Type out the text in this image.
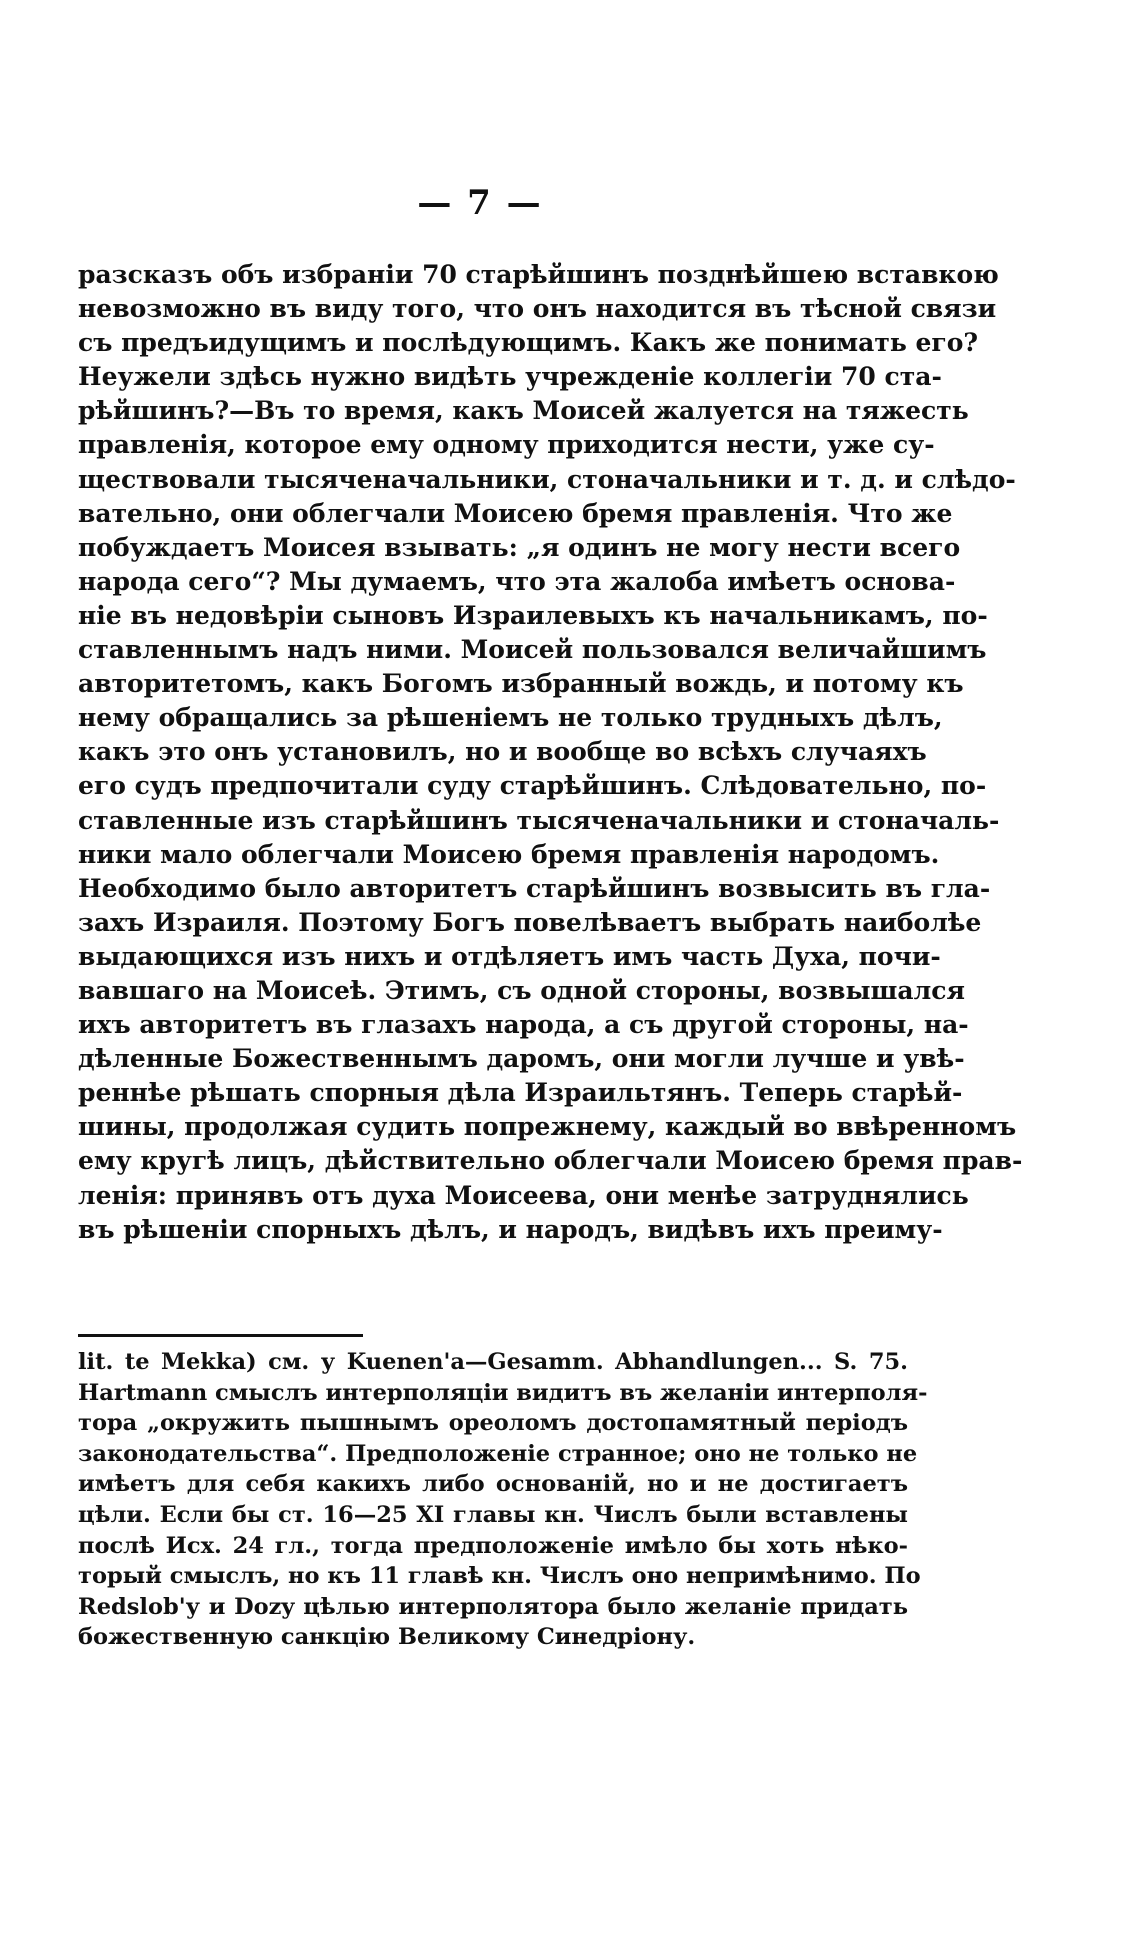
— 7 —
разсказъ объ избраніи 70 старѣйшинъ позднѣйшею вставкою
невозможно въ виду того, что онъ находится въ тѣсной связи
съ предъидущимъ и послѣдующимъ. Какъ же понимать его?
Неужели здѣсь нужно видѣть учрежденіе коллегіи 70 ста-
рѣйшинъ?—Въ то время, какъ Моисей жалуется на тяжесть
правленія, которое ему одному приходится нести, уже су-
ществовали тысяченачальники, стоначальники и т. д. и слѣдо-
вательно, они облегчали Моисею бремя правленія. Что же
побуждаетъ Моисея взывать: „я одинъ не могу нести всего
народа сего“? Мы думаемъ, что эта жалоба имѣетъ основа-
ніе въ недовѣріи сыновъ Израилевыхъ къ начальникамъ, по-
ставленнымъ надъ ними. Моисей пользовался величайшимъ
авторитетомъ, какъ Богомъ избранный вождь, и потому къ
нему обращались за рѣшеніемъ не только трудныхъ дѣлъ,
какъ это онъ установилъ, но и вообще во всѣхъ случаяхъ
его судъ предпочитали суду старѣйшинъ. Слѣдовательно, по-
ставленные изъ старѣйшинъ тысяченачальники и стоначаль-
ники мало облегчали Моисею бремя правленія народомъ.
Необходимо было авторитетъ старѣйшинъ возвысить въ гла-
захъ Израиля. Поэтому Богъ повелѣваетъ выбрать наиболѣе
выдающихся изъ нихъ и отдѣляетъ имъ часть Духа, почи-
вавшаго на Моисеѣ. Этимъ, съ одной стороны, возвышался
ихъ авторитетъ въ глазахъ народа, а съ другой стороны, на-
дѣленные Божественнымъ даромъ, они могли лучше и увѣ-
реннѣе рѣшать спорныя дѣла Израильтянъ. Теперь старѣй-
шины, продолжая судить попрежнему, каждый во ввѣренномъ
ему кругѣ лицъ, дѣйствительно облегчали Моисею бремя прав-
ленія: принявъ отъ духа Моисеева, они менѣе затруднялись
въ рѣшеніи спорныхъ дѣлъ, и народъ, видѣвъ ихъ преиму-
lit. te Mekka) см. у Kuenen'a—Gesamm. Abhandlungen... S. 75.
Hartmann смыслъ интерполяціи видитъ въ желаніи интерполя-
тора „окружить пышнымъ ореоломъ достопамятный періодъ
законодательства“. Предположеніе странное; оно не только не
имѣетъ для себя какихъ либо основаній, но и не достигаетъ
цѣли. Если бы ст. 16—25 XI главы кн. Числъ были вставлены
послѣ Исх. 24 гл., тогда предположеніе имѣло бы хоть нѣко-
торый смыслъ, но къ 11 главѣ кн. Числъ оно непримѣнимо. По
Redslob'у и Dozy цѣлью интерполятора было желаніе придать
божественную санкцію Великому Синедріону.
